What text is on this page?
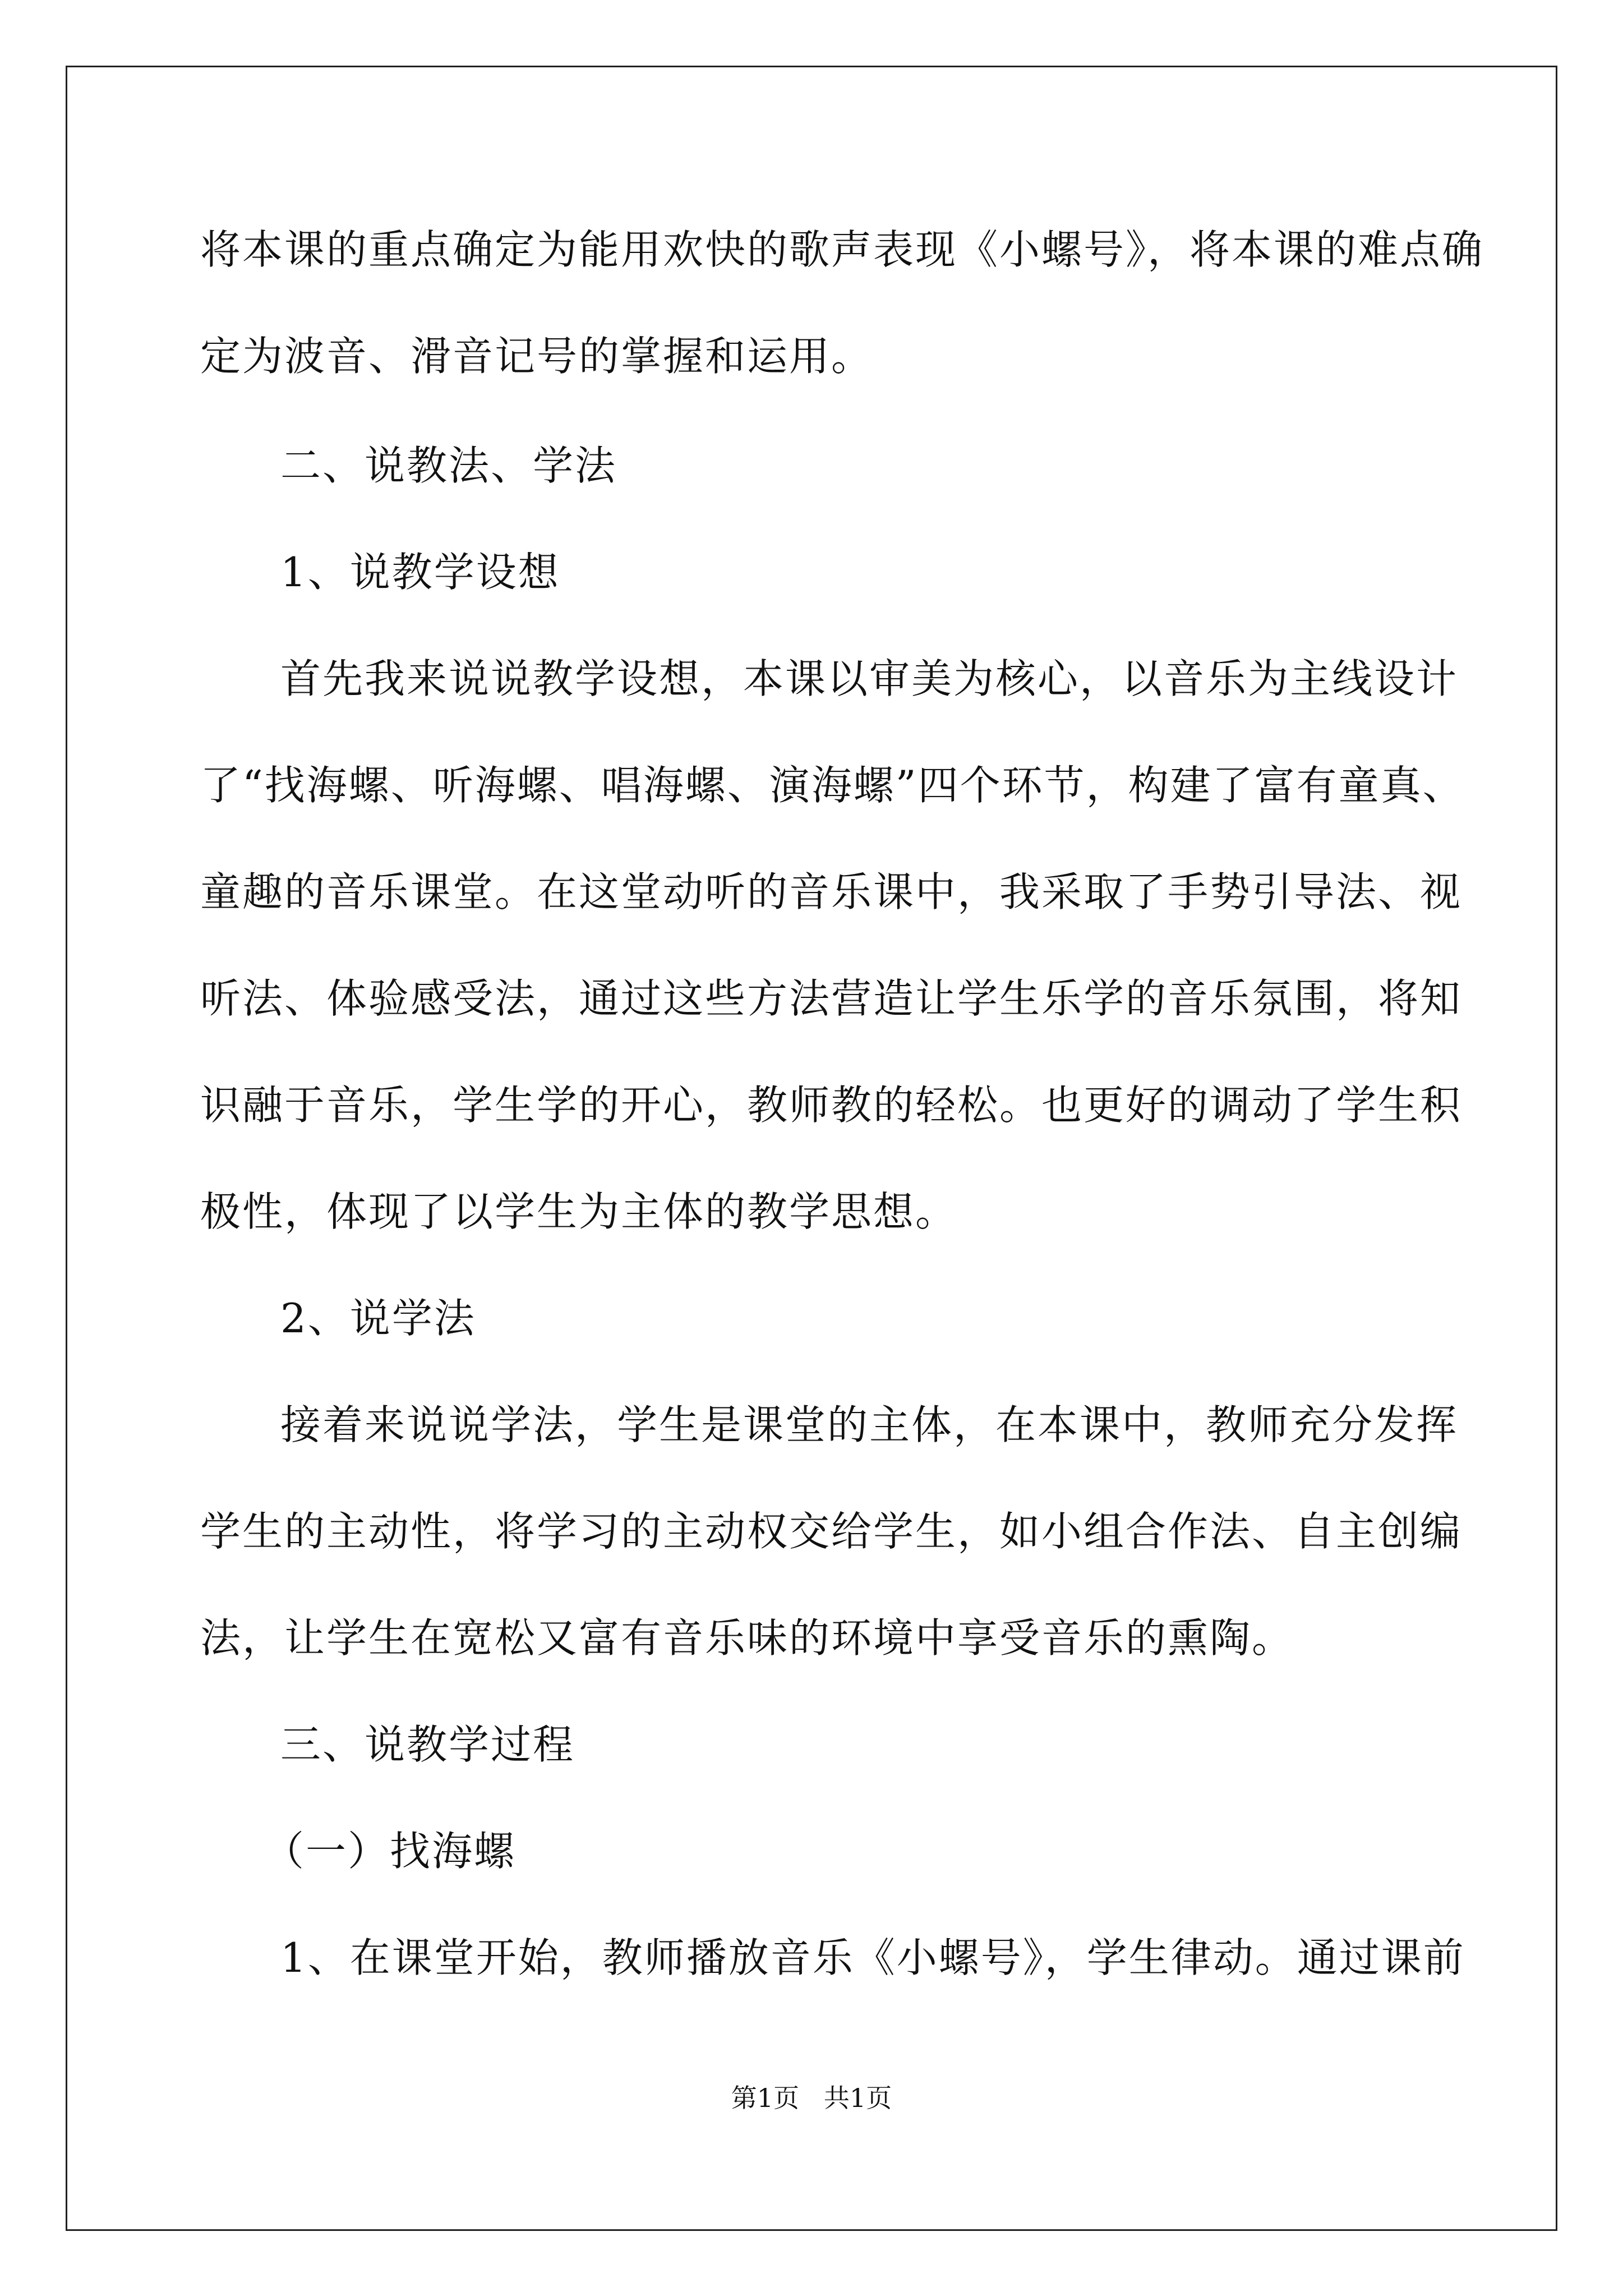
将本课的重点确定为能用欢快的歌声表现《小螺号》，将本课的难点确
定为波音、滑音记号的掌握和运用。
二、说教法、学法
1、说教学设想
首先我来说说教学设想，本课以审美为核心，以音乐为主线设计
了“找海螺、听海螺、唱海螺、演海螺”四个环节，构建了富有童真、
童趣的音乐课堂。在这堂动听的音乐课中，我采取了手势引导法、视
听法、体验感受法，通过这些方法营造让学生乐学的音乐氛围，将知
识融于音乐，学生学的开心，教师教的轻松。也更好的调动了学生积
极性，体现了以学生为主体的教学思想。
2、说学法
接着来说说学法，学生是课堂的主体，在本课中，教师充分发挥
学生的主动性，将学习的主动权交给学生，如小组合作法、自主创编
法，让学生在宽松又富有音乐味的环境中享受音乐的熏陶。
三、说教学过程
（一）找海螺
1、在课堂开始，教师播放音乐《小螺号》，学生律动。通过课前
第1页   共1页
